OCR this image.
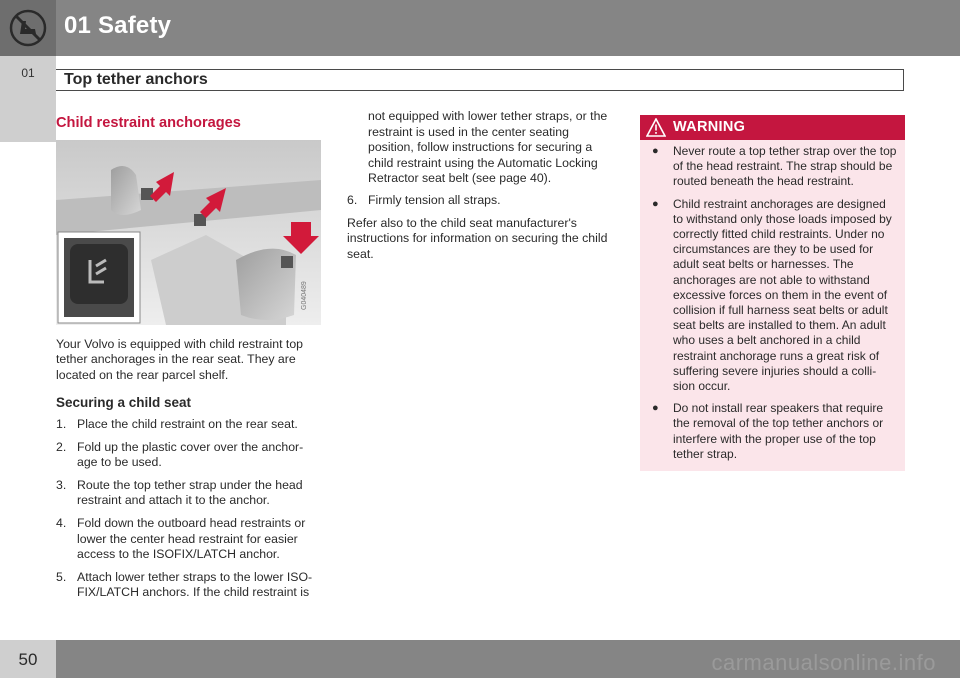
01 Safety
01	Top tether anchors
Child restraint anchorages
G040489

Your Volvo is equipped with child restraint top tether anchorages in the rear seat. They are located on the rear parcel shelf.

Securing a child seat
1. Place the child restraint on the rear seat.
2. Fold up the plastic cover over the anchor-age to be used.
3. Route the top tether strap under the head restraint and attach it to the anchor.
4. Fold down the outboard head restraints or lower the center head restraint for easier access to the ISOFIX/LATCH anchor.
5. Attach lower tether straps to the lower ISO-FIX/LATCH anchors. If the child restraint is

not equipped with lower tether straps, or the restraint is used in the center seating position, follow instructions for securing a child restraint using the Automatic Locking Retractor seat belt (see page 40).

6. Firmly tension all straps.

Refer also to the child seat manufacturer's instructions for information on securing the child seat.

WARNING
● Never route a top tether strap over the top of the head restraint. The strap should be routed beneath the head restraint.
● Child restraint anchorages are designed to withstand only those loads imposed by correctly fitted child restraints. Under no circumstances are they to be used for adult seat belts or harnesses. The anchorages are not able to withstand excessive forces on them in the event of collision if full harness seat belts or adult seat belts are installed to them. An adult who uses a belt anchored in a child restraint anchorage runs a great risk of suffering severe injuries should a colli-sion occur.
● Do not install rear speakers that require the removal of the top tether anchors or interfere with the proper use of the top tether strap.
carmanualsonline.info
50
